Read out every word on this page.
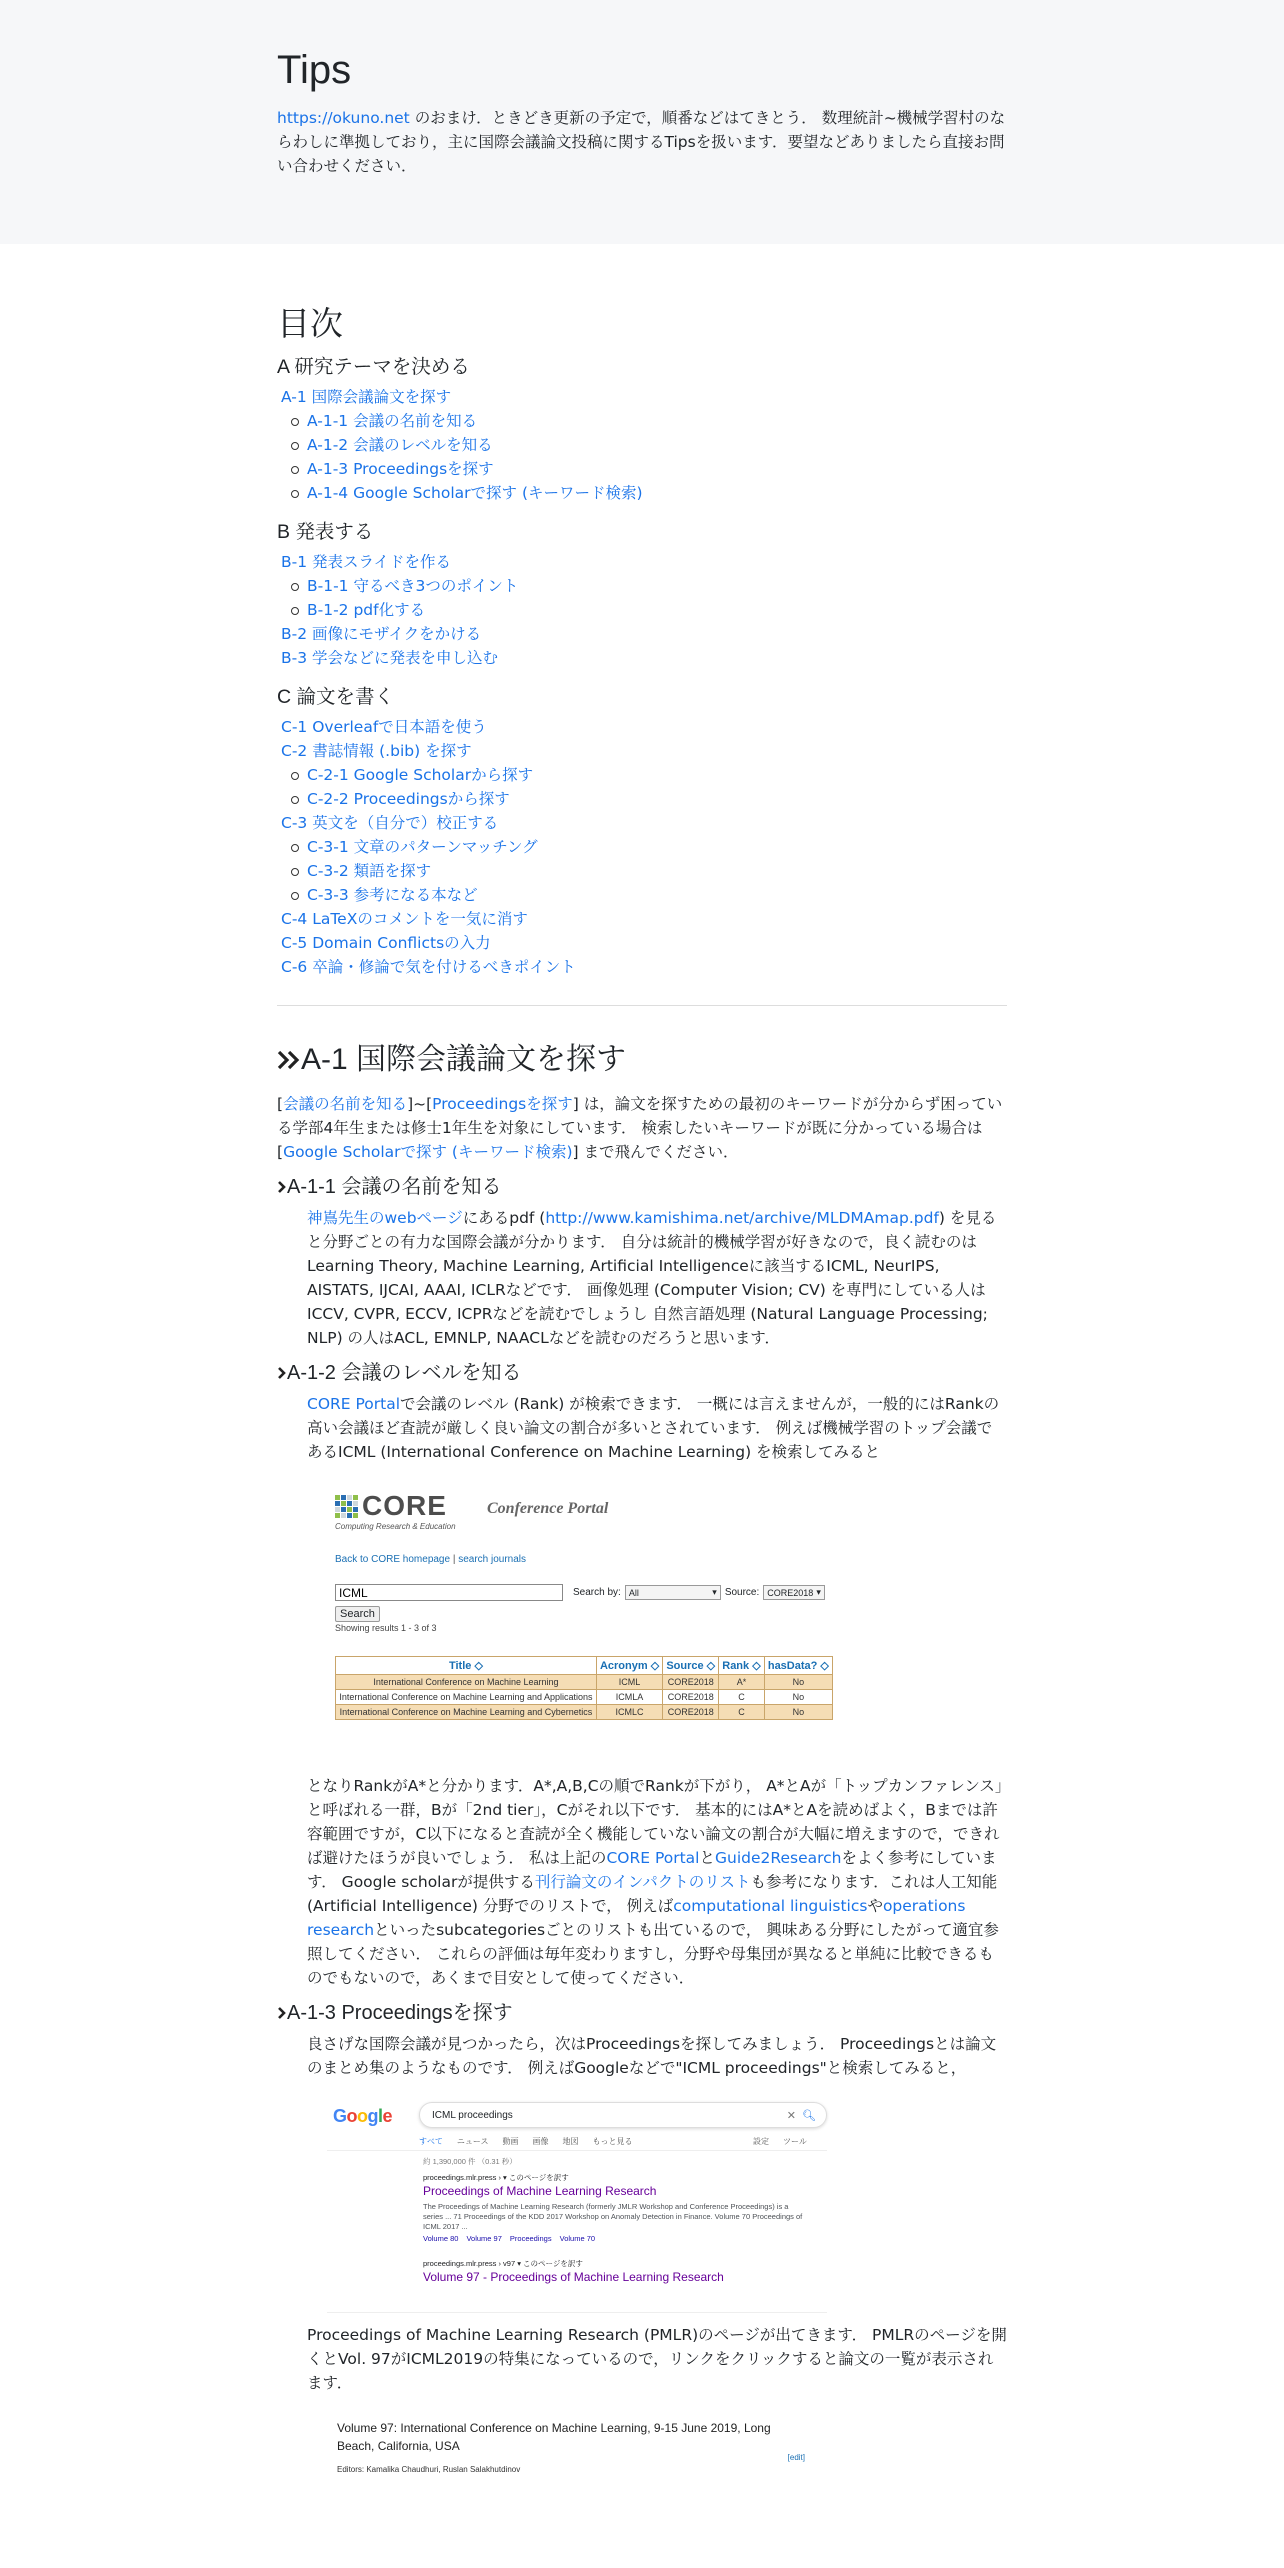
Tips

https://okuno.net のおまけ．ときどき更新の予定で，順番などはてきとう． 数理統計~機械学習村のならわしに準拠しており，主に国際会議論文投稿に関するTipsを扱います．要望などありましたら直接お問い合わせください．

目次
A 研究テーマを決める
A-1 国際会議論文を探す
A-1-1 会議の名前を知る
A-1-2 会議のレベルを知る
A-1-3 Proceedingsを探す
A-1-4 Google Scholarで探す (キーワード検索)
B 発表する
B-1 発表スライドを作る
B-1-1 守るべき3つのポイント
B-1-2 pdf化する
B-2 画像にモザイクをかける
B-3 学会などに発表を申し込む
C 論文を書く
C-1 Overleafで日本語を使う
C-2 書誌情報 (.bib) を探す
C-2-1 Google Scholarから探す
C-2-2 Proceedingsから探す
C-3 英文を（自分で）校正する
C-3-1 文章のパターンマッチング
C-3-2 類語を探す
C-3-3 参考になる本など
C-4 LaTeXのコメントを一気に消す
C-5 Domain Conflictsの入力
C-6 卒論・修論で気を付けるべきポイント
A-1 国際会議論文を探す

[会議の名前を知る]~[Proceedingsを探す] は，論文を探すための最初のキーワードが分からず困っている学部4年生または修士1年生を対象にしています． 検索したいキーワードが既に分かっている場合は [Google Scholarで探す (キーワード検索)] まで飛んでください．

A-1-1 会議の名前を知る

神嶌先生のwebページにあるpdf (http://www.kamishima.net/archive/MLDMAmap.pdf) を見ると分野ごとの有力な国際会議が分かります． 自分は統計的機械学習が好きなので，良く読むのはLearning Theory, Machine Learning, Artificial Intelligenceに該当するICML, NeurIPS, AISTATS, IJCAI, AAAI, ICLRなどです． 画像処理 (Computer Vision; CV) を専門にしている人はICCV, CVPR, ECCV, ICPRなどを読むでしょうし 自然言語処理 (Natural Language Processing; NLP) の人はACL, EMNLP, NAACLなどを読むのだろうと思います．

A-1-2 会議のレベルを知る

CORE Portalで会議のレベル (Rank) が検索できます． 一概には言えませんが，一般的にはRankの高い会議ほど査読が厳しく良い論文の割合が多いとされています． 例えば機械学習のトップ会議であるICML (International Conference on Machine Learning) を検索してみると

CORE
Computing Research & Education
Conference Portal
Back to CORE homepage | search journals
ICML
Search by: All	▾ Source: CORE2018 ▾
Search
Showing results 1 - 3 of 3
Title ◇	Acronym ◇	Source ◇	Rank ◇	hasData? ◇
International Conference on Machine Learning	ICML	CORE2018	A*	No
International Conference on Machine Learning and Applications	ICMLA	CORE2018	C	No
International Conference on Machine Learning and Cybernetics	ICMLC	CORE2018	C	No

となりRankがA*と分かります．A*,A,B,Cの順でRankが下がり， A*とAが「トップカンファレンス」と呼ばれる一群，Bが「2nd tier」，Cがそれ以下です． 基本的にはA*とAを読めばよく，Bまでは許容範囲ですが，C以下になると査読が全く機能していない論文の割合が大幅に増えますので，できれば避けたほうが良いでしょう． 私は上記のCORE PortalとGuide2Researchをよく参考にしています． Google scholarが提供する刊行論文のインパクトのリストも参考になります．これは人工知能 (Artificial Intelligence) 分野でのリストで， 例えばcomputational linguisticsやoperations researchといったsubcategoriesごとのリストも出ているので， 興味ある分野にしたがって適宜参照してください． これらの評価は毎年変わりますし，分野や母集団が異なると単純に比較できるものでもないので，あくまで目安として使ってください．

A-1-3 Proceedingsを探す

良さげな国際会議が見つかったら，次はProceedingsを探してみましょう． Proceedingsとは論文のまとめ集のようなものです． 例えばGoogleなどで"ICML proceedings"と検索してみると，

Google	ICML proceedings	✕ 🔍︎
すべて ニュース 動画 画像 地図 もっと見る	設定 ツール
約 1,390,000 件 （0.31 秒）
proceedings.mlr.press › ▾ このページを訳す
Proceedings of Machine Learning Research
The Proceedings of Machine Learning Research (formerly JMLR Workshop and Conference Proceedings) is a series ... 71 Proceedings of the KDD 2017 Workshop on Anomaly Detection in Finance. Volume 70 Proceedings of ICML 2017 ...
Volume 80 Volume 97 Proceedings Volume 70
proceedings.mlr.press › v97 ▾ このページを訳す
Volume 97 - Proceedings of Machine Learning Research

Proceedings of Machine Learning Research (PMLR)のページが出てきます． PMLRのページを開くとVol. 97がICML2019の特集になっているので，リンクをクリックすると論文の一覧が表示されます．

Volume 97: International Conference on Machine Learning, 9-15 June 2019, Long Beach, California, USA
[edit]
Editors: Kamalika Chaudhuri, Ruslan Salakhutdinov
